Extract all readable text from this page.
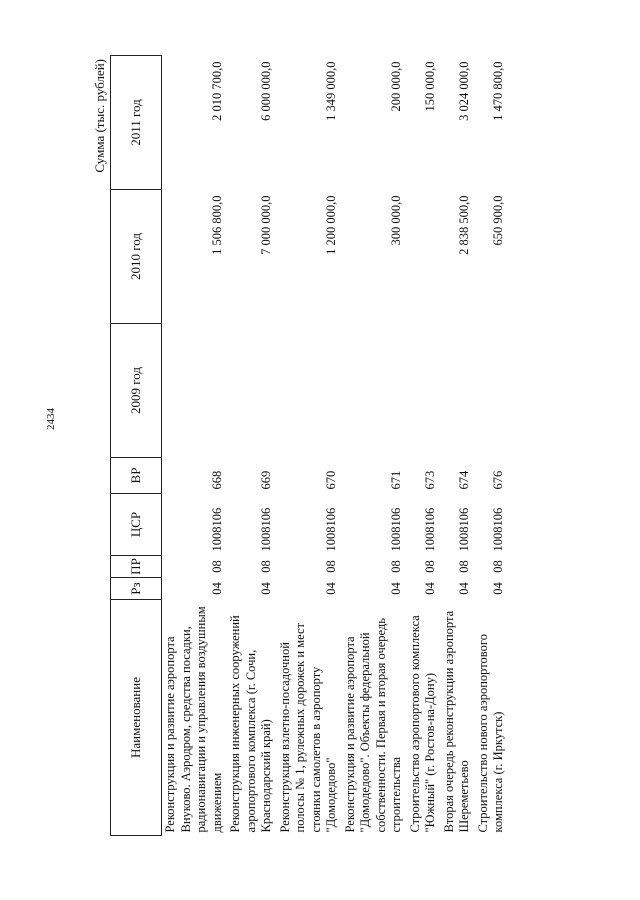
2434
Сумма (тыс. рублей)
Наименование	Рз	ПР	ЦСР	ВР	2009 год	2010 год	2011 год
Реконструкция и развитие аэропорта Внуково. Аэродром, средства посадки, радионавигации и управления воздушным движением	04	08	1008106	668		1 506 800,0	2 010 700,0
Реконструкция инженерных сооружений аэропортового комплекса (г. Сочи, Краснодарский край)	04	08	1008106	669		7 000 000,0	6 000 000,0
Реконструкция взлетно-посадочной полосы № 1, рулежных дорожек и мест стоянки самолетов в аэропорту "Домодедово"	04	08	1008106	670		1 200 000,0	1 349 000,0
Реконструкция и развитие аэропорта "Домодедово". Объекты федеральной собственности. Первая и вторая очередь строительства	04	08	1008106	671		300 000,0	200 000,0
Строительство аэропортового комплекса "Южный" (г. Ростов-на-Дону)	04	08	1008106	673			150 000,0
Вторая очередь реконструкции аэропорта Шереметьево	04	08	1008106	674		2 838 500,0	3 024 000,0
Строительство нового аэропортового комплекса (г. Иркутск)	04	08	1008106	676		650 900,0	1 470 800,0
